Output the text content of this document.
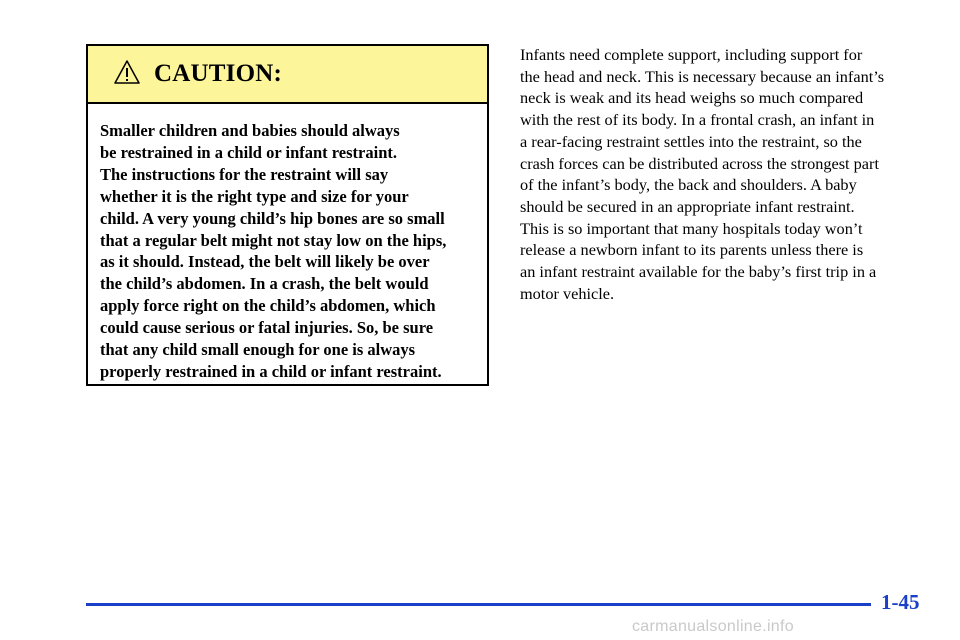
CAUTION:
Smaller children and babies should always
be restrained in a child or infant restraint.
The instructions for the restraint will say
whether it is the right type and size for your
child. A very young child’s hip bones are so small
that a regular belt might not stay low on the hips,
as it should. Instead, the belt will likely be over
the child’s abdomen. In a crash, the belt would
apply force right on the child’s abdomen, which
could cause serious or fatal injuries. So, be sure
that any child small enough for one is always
properly restrained in a child or infant restraint.
Infants need complete support, including support for
the head and neck. This is necessary because an infant’s
neck is weak and its head weighs so much compared
with the rest of its body. In a frontal crash, an infant in
a rear-facing restraint settles into the restraint, so the
crash forces can be distributed across the strongest part
of the infant’s body, the back and shoulders. A baby
should be secured in an appropriate infant restraint.
This is so important that many hospitals today won’t
release a newborn infant to its parents unless there is
an infant restraint available for the baby’s first trip in a
motor vehicle.
1-45
carmanualsonline.info
